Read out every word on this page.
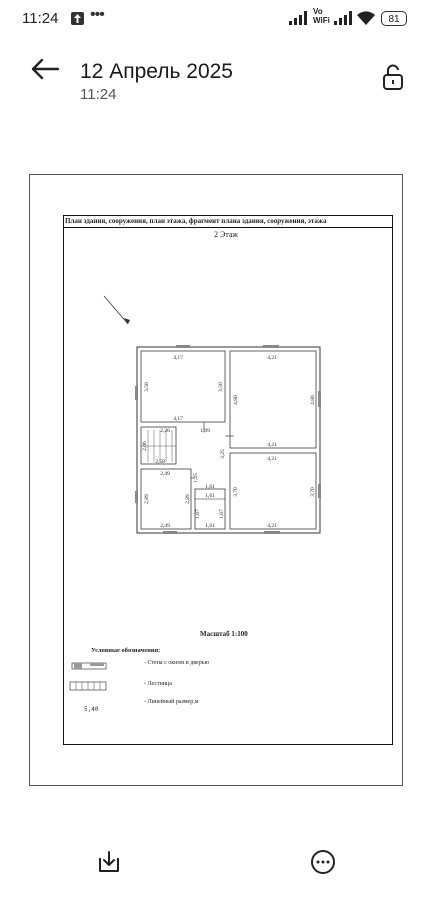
11:24 •••	Vo
WiFi	81
12 Апрель 2025
11:24
План здания, сооружения, план этажа, фрагмент плана здания, сооружения, этажа
2 Этаж
4,17
3,50	3,50
4,17
4,21
4,80	4,80
4,21
4,21
3,70	3,70
4,21
2,26
2,06
2,58
1,99
3,25
2,49
2,89	2,89
2,49
1,61
1,61
1,61
1,67	1,67
1,25
Масштаб 1:100
Условные обозначения:
- Стена с окном и дверью
- Лестница
- Линейный размер,м
5,40
